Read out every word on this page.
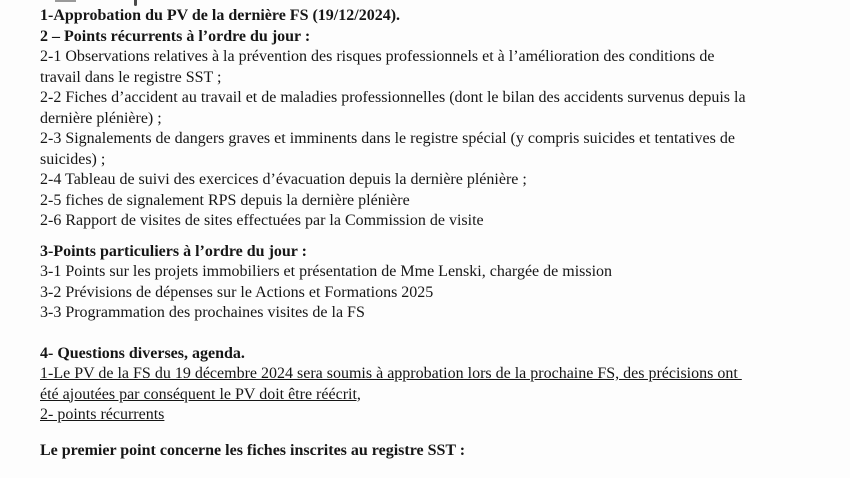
1-Approbation du PV de la dernière FS (19/12/2024).
2 – Points récurrents à l’ordre du jour :
2-1 Observations relatives à la prévention des risques professionnels et à l’amélioration des conditions de
travail dans le registre SST ;
2-2 Fiches d’accident au travail et de maladies professionnelles (dont le bilan des accidents survenus depuis la
dernière plénière) ;
2-3 Signalements de dangers graves et imminents dans le registre spécial (y compris suicides et tentatives de
suicides) ;
2-4 Tableau de suivi des exercices d’évacuation depuis la dernière plénière ;
2-5 fiches de signalement RPS depuis la dernière plénière
2-6 Rapport de visites de sites effectuées par la Commission de visite
3-Points particuliers à l’ordre du jour :
3-1 Points sur les projets immobiliers et présentation de Mme Lenski, chargée de mission
3-2 Prévisions de dépenses sur le Actions et Formations 2025
3-3 Programmation des prochaines visites de la FS
4- Questions diverses, agenda.
1-Le PV de la FS du 19 décembre 2024 sera soumis à approbation lors de la prochaine FS, des précisions ont
été ajoutées par conséquent le PV doit être réécrit,
2- points récurrents
Le premier point concerne les fiches inscrites au registre SST :
